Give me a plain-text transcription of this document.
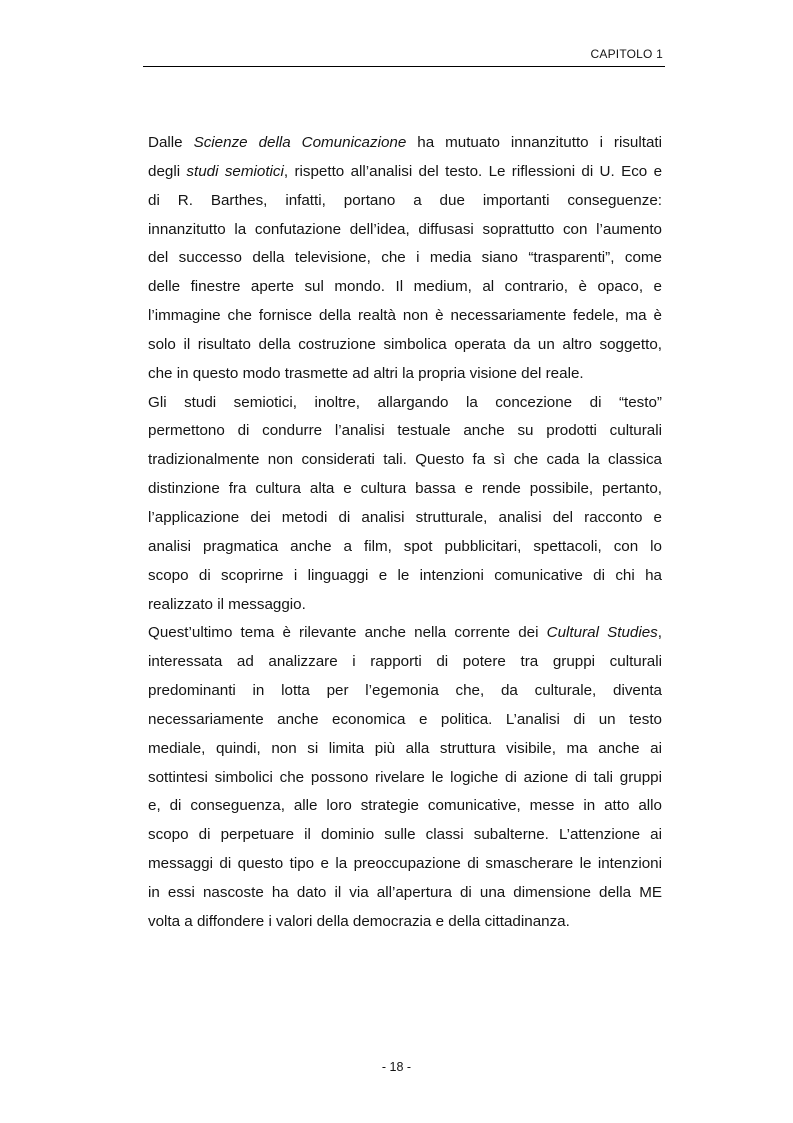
CAPITOLO 1
Dalle Scienze della Comunicazione ha mutuato innanzitutto i risultati
degli studi semiotici, rispetto all’analisi del testo. Le riflessioni di U. Eco e
di R. Barthes, infatti, portano a due importanti conseguenze:
innanzitutto la confutazione dell’idea, diffusasi soprattutto con l’aumento
del successo della televisione, che i media siano “trasparenti”, come
delle finestre aperte sul mondo. Il medium, al contrario, è opaco, e
l’immagine che fornisce della realtà non è necessariamente fedele, ma è
solo il risultato della costruzione simbolica operata da un altro soggetto,
che in questo modo trasmette ad altri la propria visione del reale.
Gli studi semiotici, inoltre, allargando la concezione di “testo”
permettono di condurre l’analisi testuale anche su prodotti culturali
tradizionalmente non considerati tali. Questo fa sì che cada la classica
distinzione fra cultura alta e cultura bassa e rende possibile, pertanto,
l’applicazione dei metodi di analisi strutturale, analisi del racconto e
analisi pragmatica anche a film, spot pubblicitari, spettacoli, con lo
scopo di scoprirne i linguaggi e le intenzioni comunicative di chi ha
realizzato il messaggio.
Quest’ultimo tema è rilevante anche nella corrente dei Cultural Studies,
interessata ad analizzare i rapporti di potere tra gruppi culturali
predominanti in lotta per l’egemonia che, da culturale, diventa
necessariamente anche economica e politica. L’analisi di un testo
mediale, quindi, non si limita più alla struttura visibile, ma anche ai
sottintesi simbolici che possono rivelare le logiche di azione di tali gruppi
e, di conseguenza, alle loro strategie comunicative, messe in atto allo
scopo di perpetuare il dominio sulle classi subalterne. L’attenzione ai
messaggi di questo tipo e la preoccupazione di smascherare le intenzioni
in essi nascoste ha dato il via all’apertura di una dimensione della ME
volta a diffondere i valori della democrazia e della cittadinanza.
- 18 -
